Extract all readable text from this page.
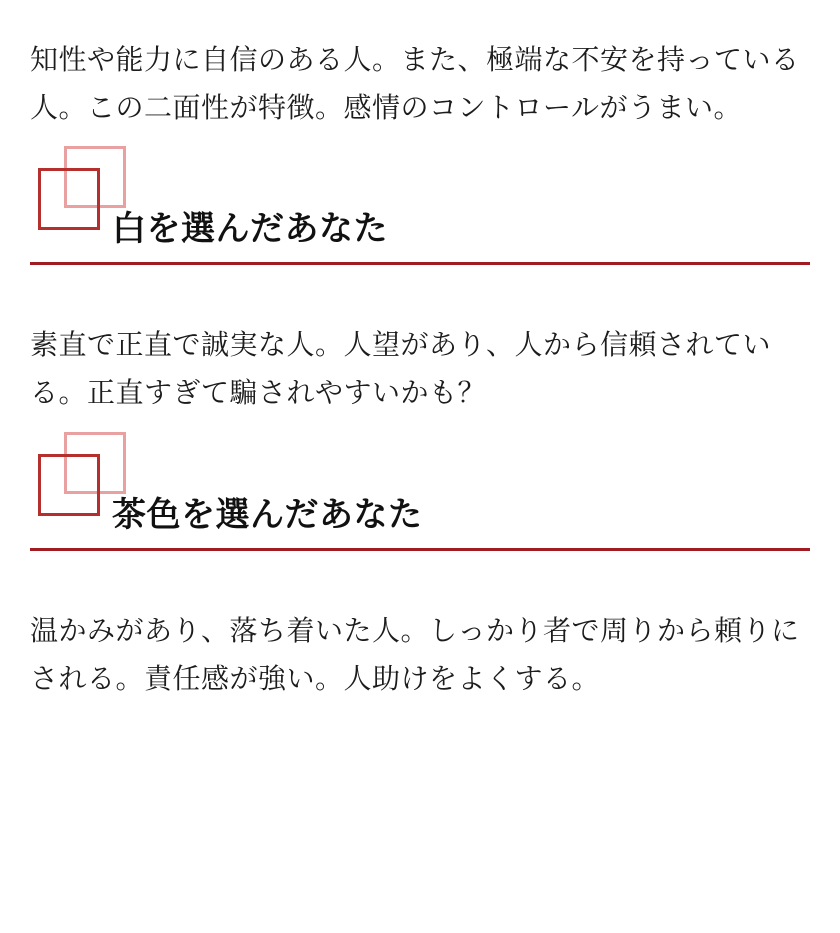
知性や能力に自信のある人。また、極端な不安を持っている人。この二面性が特徴。感情のコントロールがうまい。

白を選んだあなた

素直で正直で誠実な人。人望があり、人から信頼されている。正直すぎて騙されやすいかも？

茶色を選んだあなた

温かみがあり、落ち着いた人。しっかり者で周りから頼りにされる。責任感が強い。人助けをよくする。
